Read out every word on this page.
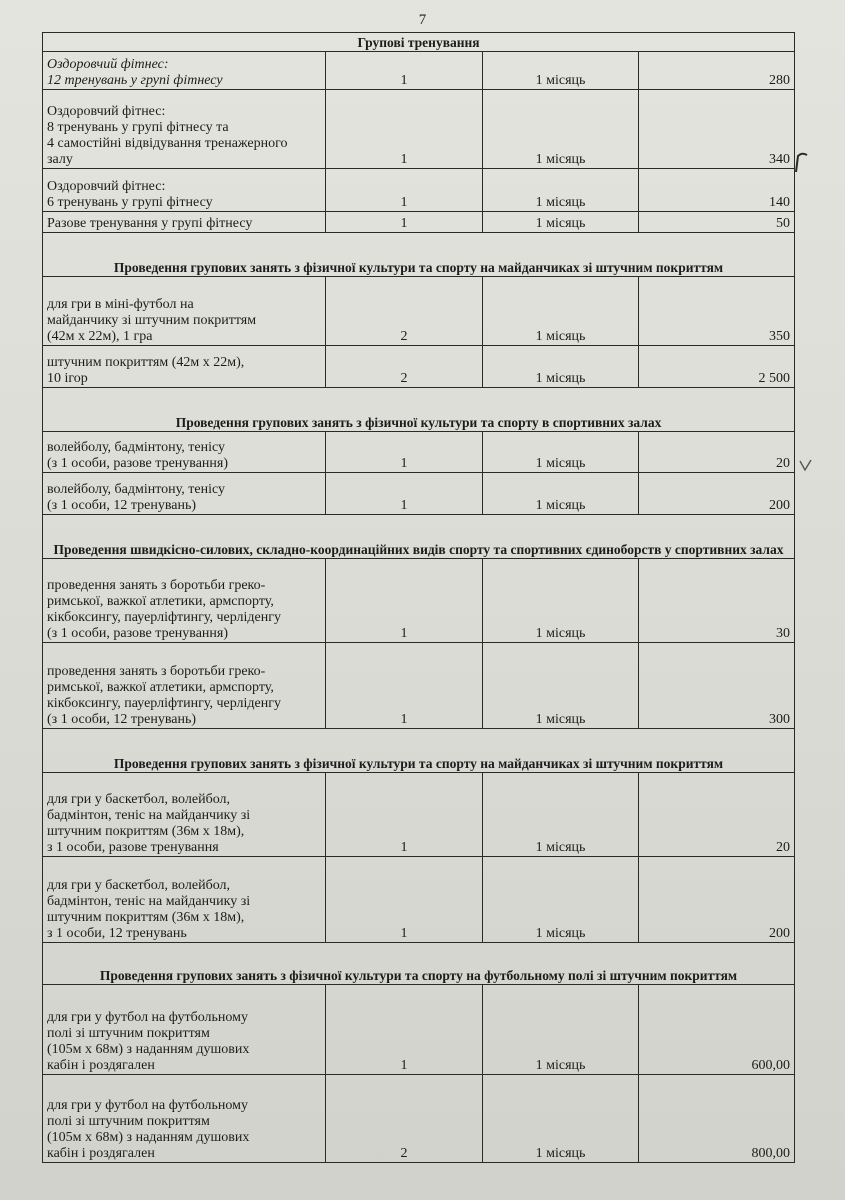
7
Групові тренування			
Оздоровчий фітнес:
12 тренувань у групі фітнесу	1	1 місяць	280
Оздоровчий фітнес:
8 тренувань у групі фітнесу та
4 самостійні відвідування тренажерного
залу	1	1 місяць	340
Оздоровчий фітнес:
6 тренувань у групі фітнесу	1	1 місяць	140
Разове тренування у групі фітнесу	1	1 місяць	50
Проведення групових занять з фізичної культури та спорту на майданчиках зі штучним покриттям			
для гри в міні-футбол на
майданчику зі штучним покриттям
(42м х 22м), 1 гра	2	1 місяць	350
штучним покриттям (42м х 22м),
10 ігор	2	1 місяць	2 500
Проведення групових занять з фізичної культури та спорту в спортивних залах			
волейболу, бадмінтону, тенісу
(з 1 особи, разове тренування)	1	1 місяць	20
волейболу, бадмінтону, тенісу
(з 1 особи, 12 тренувань)	1	1 місяць	200
Проведення швидкісно-силових, складно-координаційних видів спорту та спортивних єдиноборств у спортивних залах			
проведення занять з боротьби греко-
римської, важкої атлетики, армспорту,
кікбоксингу, пауерліфтингу, черліденгу
(з 1 особи, разове тренування)	1	1 місяць	30
проведення занять з боротьби греко-
римської, важкої атлетики, армспорту,
кікбоксингу, пауерліфтингу, черліденгу
(з 1 особи, 12 тренувань)	1	1 місяць	300
Проведення групових занять з фізичної культури та спорту на майданчиках зі штучним покриттям			
для гри у баскетбол, волейбол,
бадмінтон, теніс на майданчику зі
штучним покриттям (36м х 18м),
з 1 особи, разове тренування	1	1 місяць	20
для гри у баскетбол, волейбол,
бадмінтон, теніс на майданчику зі
штучним покриттям (36м х 18м),
з 1 особи, 12 тренувань	1	1 місяць	200
Проведення групових занять з фізичної культури та спорту на футбольному полі зі штучним покриттям			
для гри у футбол на футбольному
полі зі штучним покриттям
(105м х 68м) з наданням душових
кабін і роздягален	1	1 місяць	600,00
для гри у футбол на футбольному
полі зі штучним покриттям
(105м х 68м) з наданням душових
кабін і роздягален	2	1 місяць	800,00
